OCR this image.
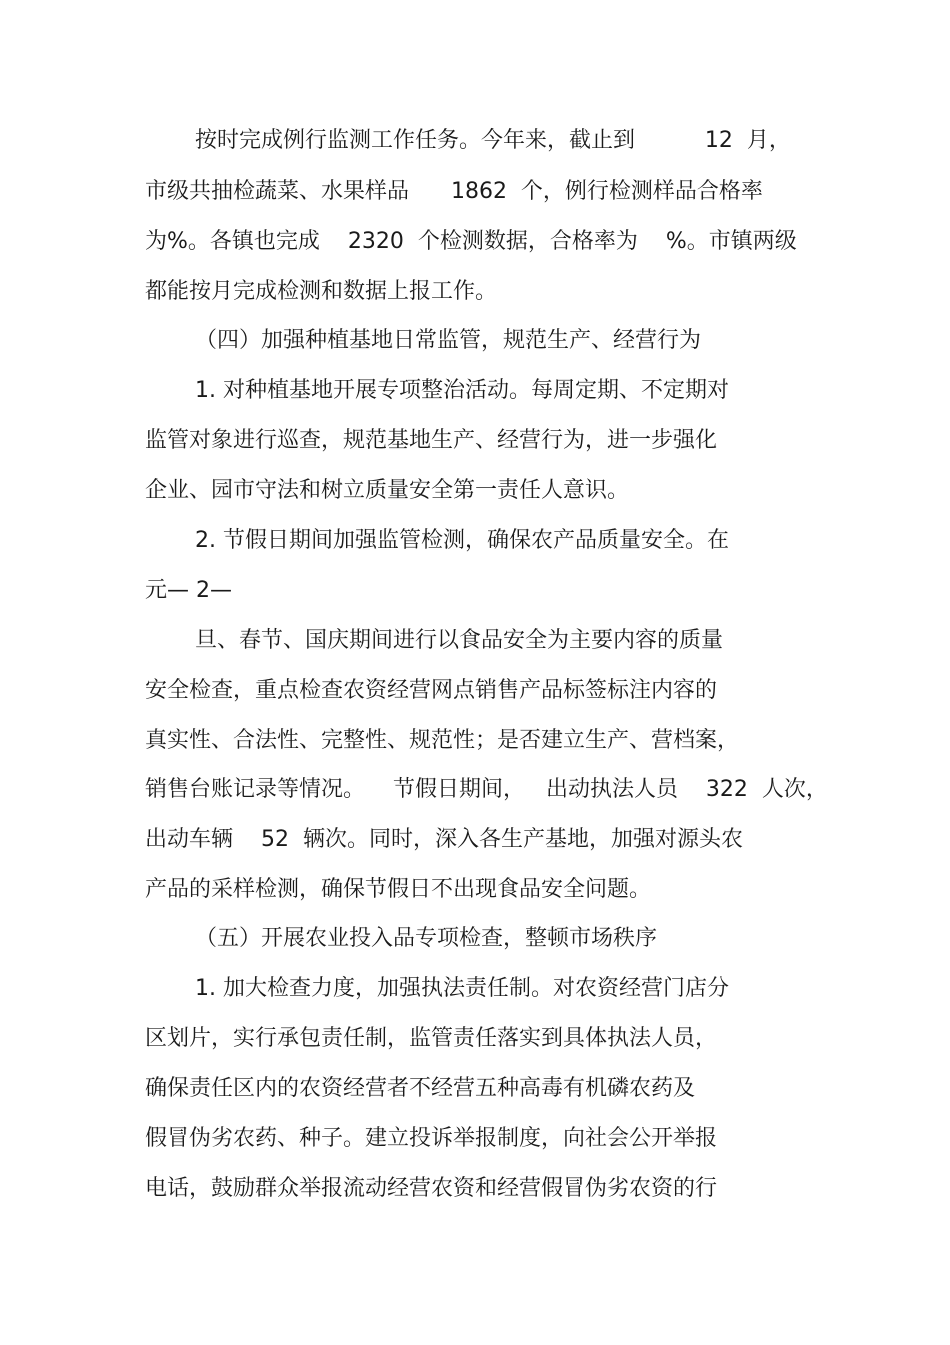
按时完成例行监测工作任务。今年来，截止到          12  月，
市级共抽检蔬菜、水果样品      1862  个，例行检测样品合格率
为%。各镇也完成    2320  个检测数据，合格率为    %。市镇两级
都能按月完成检测和数据上报工作。
（四）加强种植基地日常监管，规范生产、经营行为
1. 对种植基地开展专项整治活动。每周定期、不定期对
监管对象进行巡查，规范基地生产、经营行为，进一步强化
企业、园市守法和树立质量安全第一责任人意识。
2. 节假日期间加强监管检测，确保农产品质量安全。在
元— 2—
旦、春节、国庆期间进行以食品安全为主要内容的质量
安全检查，重点检查农资经营网点销售产品标签标注内容的
真实性、合法性、完整性、规范性；是否建立生产、营档案，
销售台账记录等情况。    节假日期间，   出动执法人员    322  人次，
出动车辆    52  辆次。同时，深入各生产基地，加强对源头农
产品的采样检测，确保节假日不出现食品安全问题。
（五）开展农业投入品专项检查，整顿市场秩序
1. 加大检查力度，加强执法责任制。对农资经营门店分
区划片，实行承包责任制，监管责任落实到具体执法人员，
确保责任区内的农资经营者不经营五种高毒有机磷农药及
假冒伪劣农药、种子。建立投诉举报制度，向社会公开举报
电话，鼓励群众举报流动经营农资和经营假冒伪劣农资的行
